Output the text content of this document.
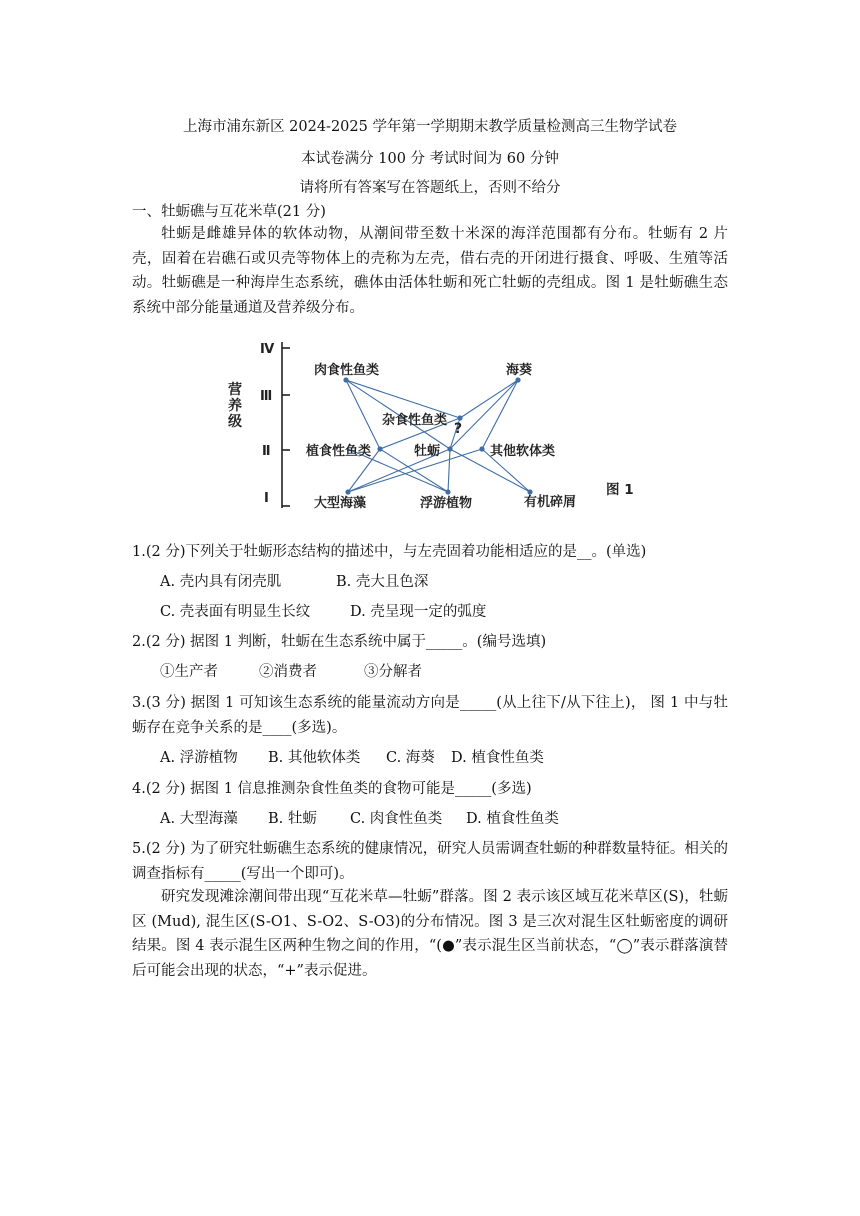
上海市浦东新区 2024-2025 学年第一学期期末教学质量检测高三生物学试卷
本试卷满分 100 分 考试时间为 60 分钟
请将所有答案写在答题纸上，否则不给分
一、牡蛎礁与互花米草(21 分)
牡蛎是雌雄异体的软体动物，从潮间带至数十米深的海洋范围都有分布。牡蛎有 2 片壳，固着在岩礁石或贝壳等物体上的壳称为左壳，借右壳的开闭进行摄食、呼吸、生殖等活动。牡蛎礁是一种海岸生态系统，礁体由活体牡蛎和死亡牡蛎的壳组成。图 1 是牡蛎礁生态系统中部分能量通道及营养级分布。
Ⅳ
Ⅲ
Ⅱ
Ⅰ
营
养
级
肉食性鱼类	海葵
杂食性鱼类
?
植食性鱼类	牡蛎	其他软体类
大型海藻	浮游植物	有机碎屑
图 1
1.(2 分)下列关于牡蛎形态结构的描述中，与左壳固着功能相适应的是__。(单选)
A. 壳内具有闭壳肌	B. 壳大且色深
C. 壳表面有明显生长纹	D. 壳呈现一定的弧度
2.(2 分) 据图 1 判断，牡蛎在生态系统中属于_____。(编号选填)
①生产者	②消费者	③分解者
3.(3 分) 据图 1 可知该生态系统的能量流动方向是_____(从上往下/从下往上)， 图 1 中与牡蛎存在竞争关系的是____(多选)。
A. 浮游植物 B. 其他软体类 C. 海葵 D. 植食性鱼类
4.(2 分) 据图 1 信息推测杂食性鱼类的食物可能是_____(多选)
A. 大型海藻 B. 牡蛎 C. 肉食性鱼类 D. 植食性鱼类
5.(2 分) 为了研究牡蛎礁生态系统的健康情况，研究人员需调查牡蛎的种群数量特征。相关的调查指标有_____(写出一个即可)。
研究发现滩涂潮间带出现“互花米草—牡蛎”群落。图 2 表示该区域互花米草区(S)，牡蛎区 (Mud), 混生区(S-O1、S-O2、S-O3)的分布情况。图 3 是三次对混生区牡蛎密度的调研结果。图 4 表示混生区两种生物之间的作用，“(●”表示混生区当前状态，“◯”表示群落演替后可能会出现的状态，“+”表示促进。
